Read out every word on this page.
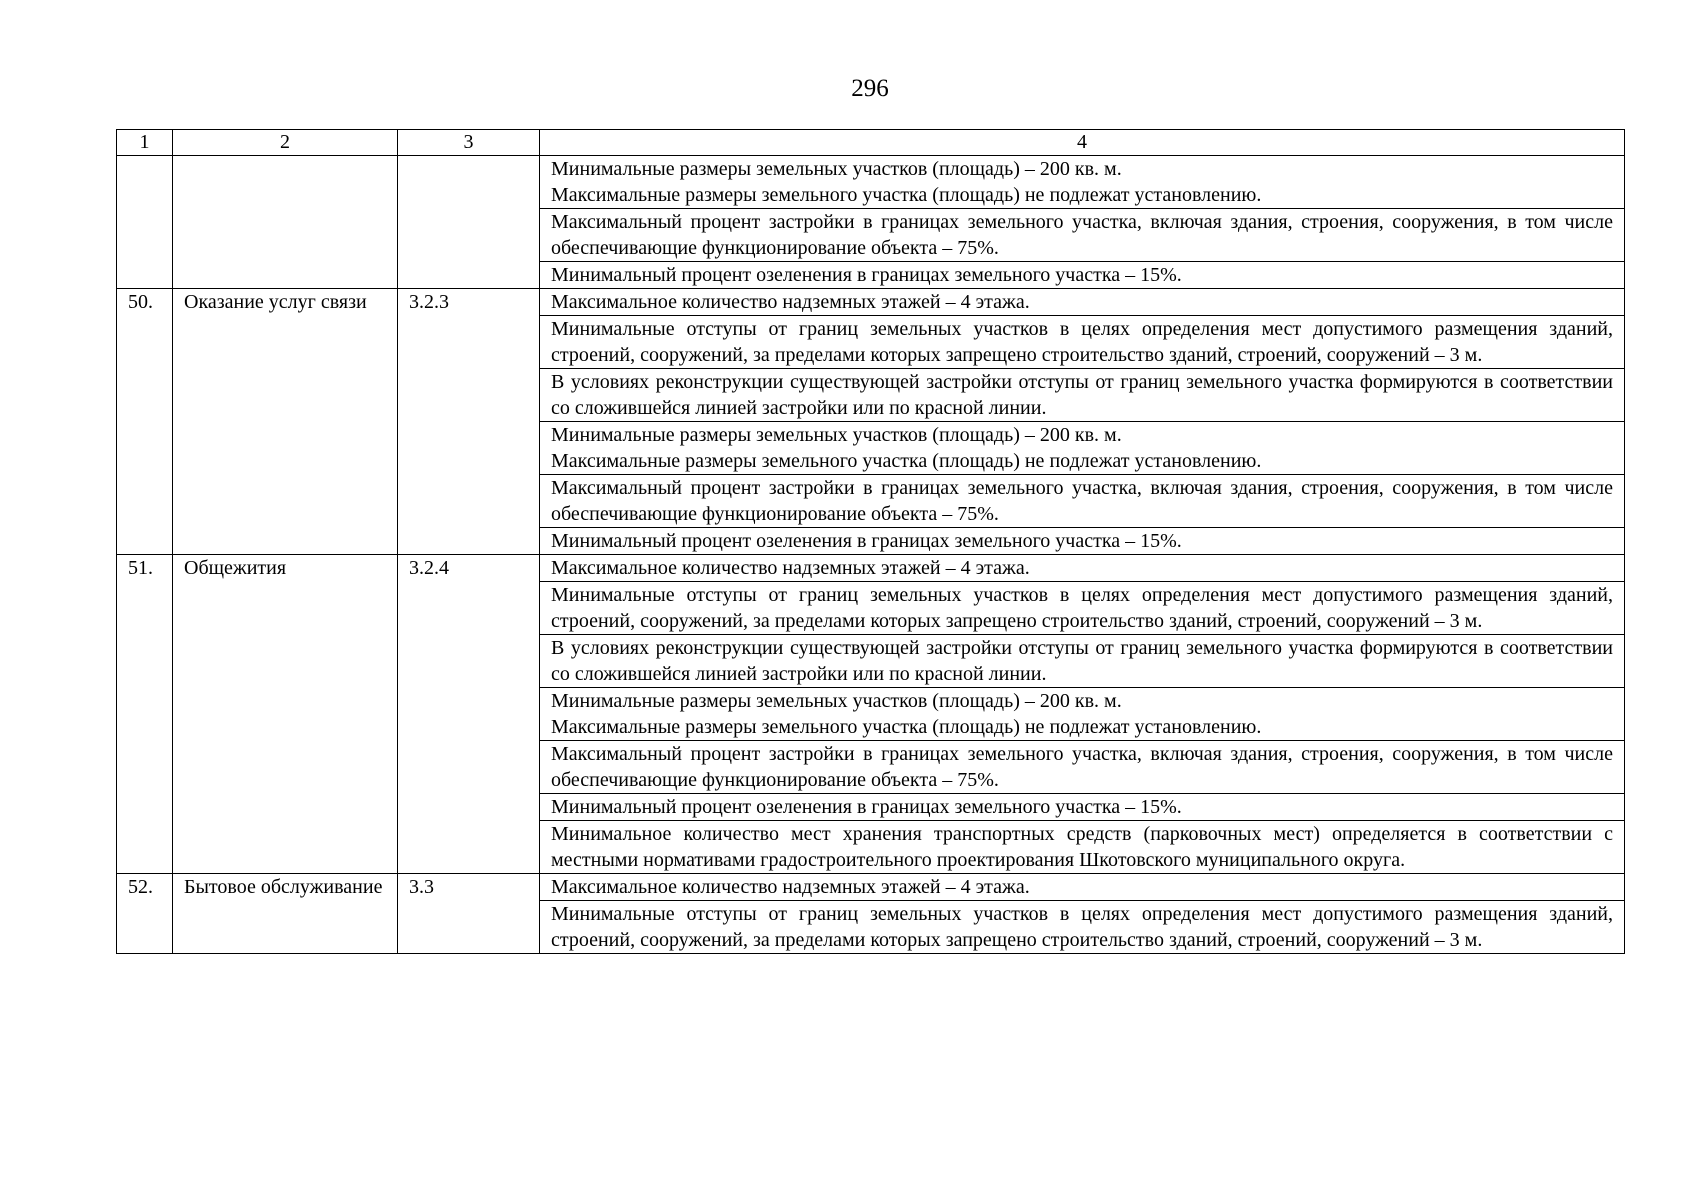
296
1	2	3	4

			Минимальные размеры земельных участков (площадь) – 200 кв. м.
Максимальные размеры земельного участка (площадь) не подлежат установлению.

			Максимальный процент застройки в границах земельного участка, включая здания, строения, сооружения, в том числе обеспечивающие функционирование объекта – 75%.

			Минимальный процент озеленения в границах земельного участка – 15%.

50.	Оказание услуг связи	3.2.3	Максимальное количество надземных этажей – 4 этажа.

			Минимальные отступы от границ земельных участков в целях определения мест допустимого размещения зданий, строений, сооружений, за пределами которых запрещено строительство зданий, строений, сооружений – 3 м.

			В условиях реконструкции существующей застройки отступы от границ земельного участка формируются в соответствии со сложившейся линией застройки или по красной линии.

			Минимальные размеры земельных участков (площадь) – 200 кв. м.
Максимальные размеры земельного участка (площадь) не подлежат установлению.

			Максимальный процент застройки в границах земельного участка, включая здания, строения, сооружения, в том числе обеспечивающие функционирование объекта – 75%.

			Минимальный процент озеленения в границах земельного участка – 15%.

51.	Общежития	3.2.4	Максимальное количество надземных этажей – 4 этажа.

			Минимальные отступы от границ земельных участков в целях определения мест допустимого размещения зданий, строений, сооружений, за пределами которых запрещено строительство зданий, строений, сооружений – 3 м.

			В условиях реконструкции существующей застройки отступы от границ земельного участка формируются в соответствии со сложившейся линией застройки или по красной линии.

			Минимальные размеры земельных участков (площадь) – 200 кв. м.
Максимальные размеры земельного участка (площадь) не подлежат установлению.

			Максимальный процент застройки в границах земельного участка, включая здания, строения, сооружения, в том числе обеспечивающие функционирование объекта – 75%.

			Минимальный процент озеленения в границах земельного участка – 15%.

			Минимальное количество мест хранения транспортных средств (парковочных мест) определяется в соответствии с местными нормативами градостроительного проектирования Шкотовского муниципального округа.

52.	Бытовое обслуживание	3.3	Максимальное количество надземных этажей – 4 этажа.

			Минимальные отступы от границ земельных участков в целях определения мест допустимого размещения зданий, строений, сооружений, за пределами которых запрещено строительство зданий, строений, сооружений – 3 м.
